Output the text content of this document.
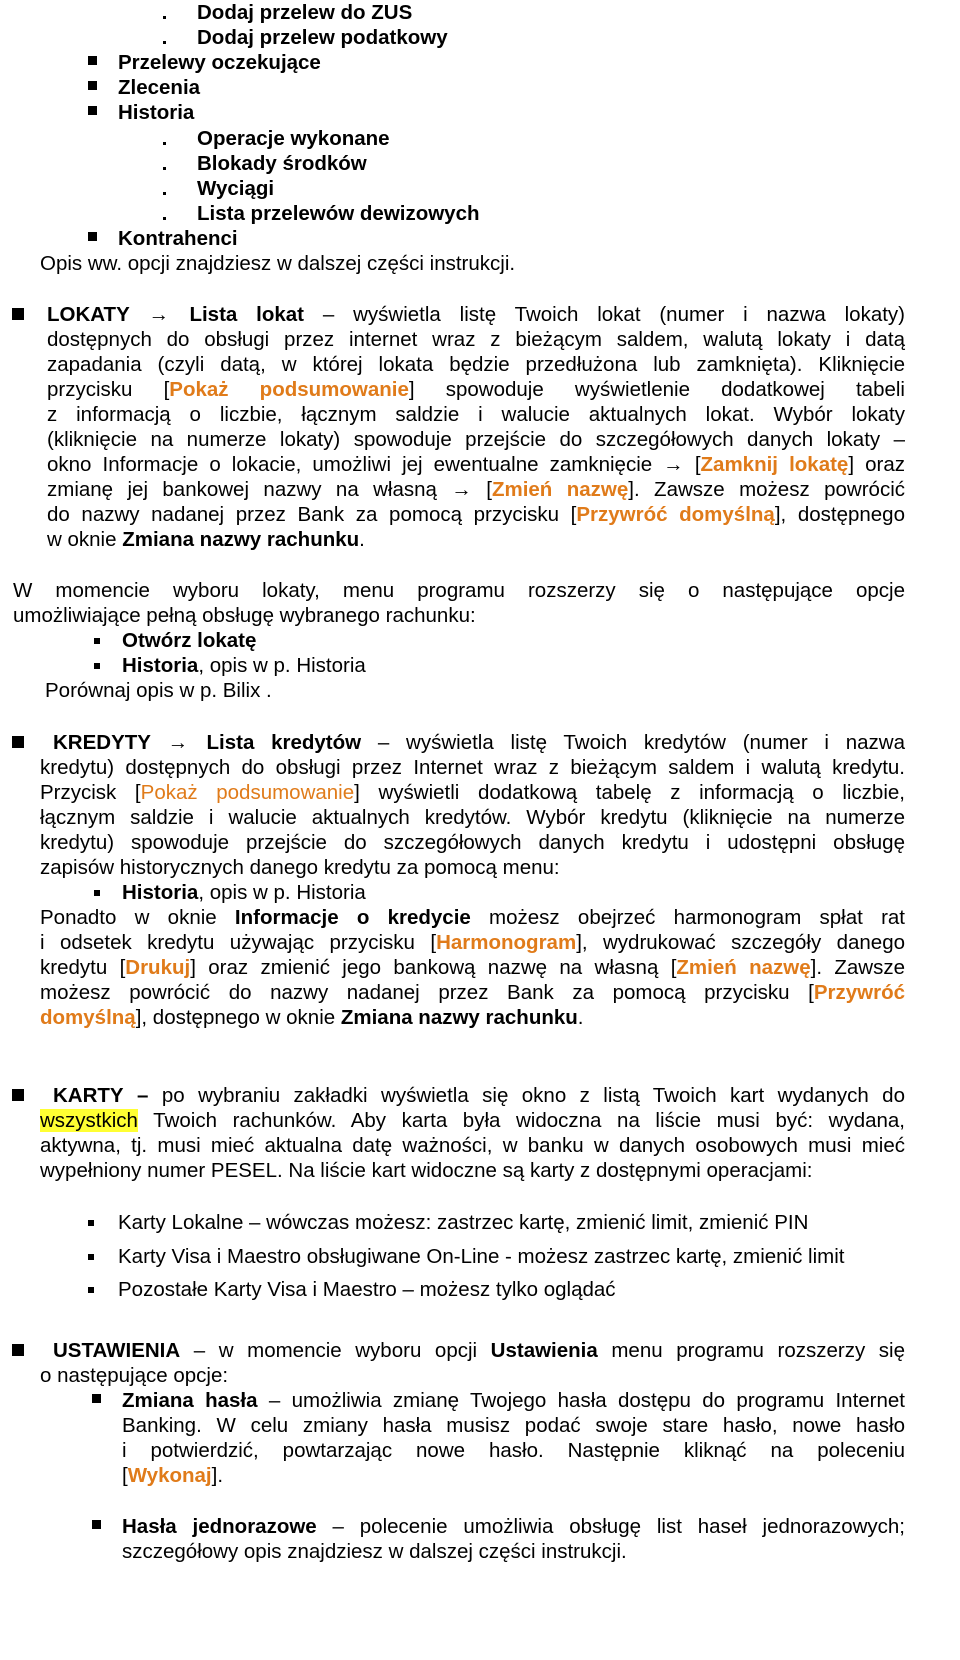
Dodaj przelew do ZUS
Dodaj przelew podatkowy
Przelewy oczekujące
Zlecenia
Historia
Operacje wykonane
Blokady środków
Wyciągi
Lista przelewów dewizowych
Kontrahenci
Opis ww. opcji znajdziesz w dalszej części instrukcji.
LOKATY → Lista lokat – wyświetla listę Twoich lokat (numer i nazwa lokaty)
dostępnych do obsługi przez internet wraz z bieżącym saldem, walutą lokaty i datą
zapadania (czyli datą, w której lokata będzie przedłużona lub zamknięta). Kliknięcie
przycisku [Pokaż podsumowanie] spowoduje wyświetlenie dodatkowej tabeli
z informacją o liczbie, łącznym saldzie i walucie aktualnych lokat. Wybór lokaty
(kliknięcie na numerze lokaty) spowoduje przejście do szczegółowych danych lokaty –
okno Informacje o lokacie, umożliwi jej ewentualne zamknięcie → [Zamknij lokatę] oraz
zmianę jej bankowej nazwy na własną → [Zmień nazwę]. Zawsze możesz powrócić
do nazwy nadanej przez Bank za pomocą przycisku [Przywróć domyślną], dostępnego
w oknie Zmiana nazwy rachunku.
W momencie wyboru lokaty, menu programu rozszerzy się o następujące opcje
umożliwiające pełną obsługę wybranego rachunku:
Otwórz lokatę
Historia, opis w p. Historia
Porównaj opis w p. Bilix .
KREDYTY → Lista kredytów – wyświetla listę Twoich kredytów (numer i nazwa
kredytu) dostępnych do obsługi przez Internet wraz z bieżącym saldem i walutą kredytu.
Przycisk [Pokaż podsumowanie] wyświetli dodatkową tabelę z informacją o liczbie,
łącznym saldzie i walucie aktualnych kredytów. Wybór kredytu (kliknięcie na numerze
kredytu) spowoduje przejście do szczegółowych danych kredytu i udostępni obsługę
zapisów historycznych danego kredytu za pomocą menu:
Historia, opis w p. Historia
Ponadto w oknie Informacje o kredycie możesz obejrzeć harmonogram spłat rat
i odsetek kredytu używając przycisku [Harmonogram], wydrukować szczegóły danego
kredytu [Drukuj] oraz zmienić jego bankową nazwę na własną [Zmień nazwę]. Zawsze
możesz powrócić do nazwy nadanej przez Bank za pomocą przycisku [Przywróć
domyślną], dostępnego w oknie Zmiana nazwy rachunku.
KARTY – po wybraniu zakładki wyświetla się okno z listą Twoich kart wydanych do
wszystkich Twoich rachunków. Aby karta była widoczna na liście musi być: wydana,
aktywna, tj. musi mieć aktualna datę ważności, w banku w danych osobowych musi mieć
wypełniony numer PESEL. Na liście kart widoczne są karty z dostępnymi operacjami:
Karty Lokalne – wówczas możesz: zastrzec kartę, zmienić limit, zmienić PIN
Karty Visa i Maestro obsługiwane On-Line - możesz zastrzec kartę, zmienić limit
Pozostałe Karty Visa i Maestro – możesz tylko oglądać
USTAWIENIA – w momencie wyboru opcji Ustawienia menu programu rozszerzy się
o następujące opcje:
Zmiana hasła – umożliwia zmianę Twojego hasła dostępu do programu Internet
Banking. W celu zmiany hasła musisz podać swoje stare hasło, nowe hasło
i potwierdzić, powtarzając nowe hasło. Następnie kliknąć na poleceniu
[Wykonaj].
Hasła jednorazowe – polecenie umożliwia obsługę list haseł jednorazowych;
szczegółowy opis znajdziesz w dalszej części instrukcji.
